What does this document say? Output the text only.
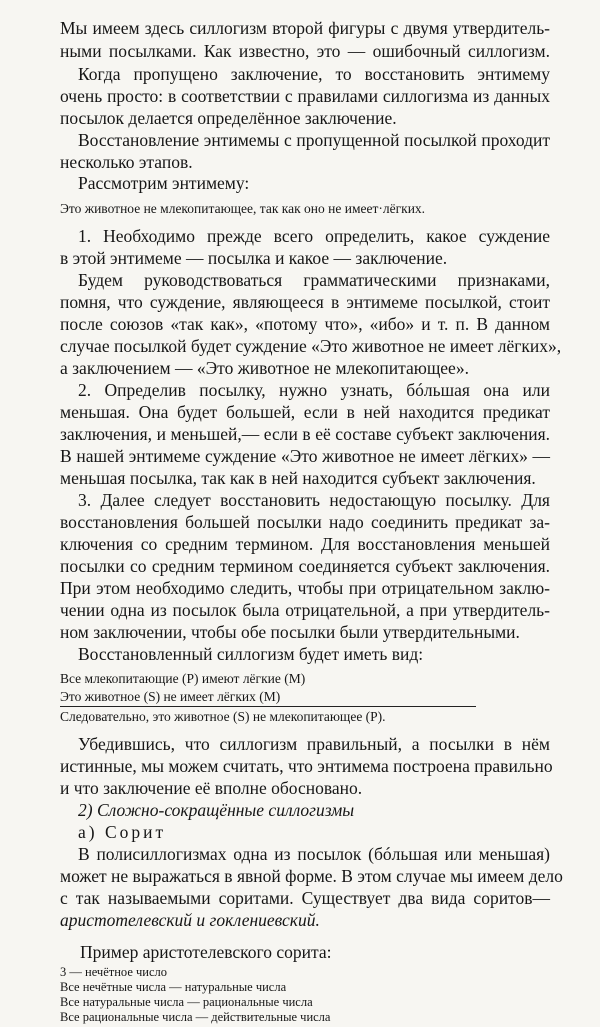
Мы имеем здесь силлогизм второй фигуры с двумя утвердитель-
ными посылками. Как известно, это — ошибочный силлогизм.
Когда пропущено заключение, то восстановить энтимему
очень просто: в соответствии с правилами силлогизма из данных
посылок делается определённое заключение.
Восстановление энтимемы с пропущенной посылкой проходит
несколько этапов.
Рассмотрим энтимему:
Это животное не млекопитающее, так как оно не имеет·лёгких.
1. Необходимо прежде всего определить, какое суждение
в этой энтимеме — посылка и какое — заключение.
Будем руководствоваться грамматическими признаками,
помня, что суждение, являющееся в энтимеме посылкой, стоит
после союзов «так как», «потому что», «ибо» и т. п. В данном
случае посылкой будет суждение «Это животное не имеет лёгких»,
а заключением — «Это животное не млекопитающее».
2. Определив посылку, нужно узнать, бóльшая она или
меньшая. Она будет большей, если в ней находится предикат
заключения, и меньшей,— если в её составе субъект заключения.
В нашей энтимеме суждение «Это животное не имеет лёгких» —
меньшая посылка, так как в ней находится субъект заключения.
3. Далее следует восстановить недостающую посылку. Для
восстановления большей посылки надо соединить предикат за-
ключения со средним термином. Для восстановления меньшей
посылки со средним термином соединяется субъект заключения.
При этом необходимо следить, чтобы при отрицательном заклю-
чении одна из посылок была отрицательной, а при утвердитель-
ном заключении, чтобы обе посылки были утвердительными.
Восстановленный силлогизм будет иметь вид:
Все млекопитающие (P) имеют лёгкие (M)
Это животное (S) не имеет лёгких (M)
Следовательно, это животное (S) не млекопитающее (P).
Убедившись, что силлогизм правильный, а посылки в нём
истинные, мы можем считать, что энтимема построена правильно
и что заключение её вполне обосновано.
2) Сложно-сокращённые силлогизмы
а) Сорит
В полисиллогизмах одна из посылок (бóльшая или меньшая)
может не выражаться в явной форме. В этом случае мы имеем дело
с так называемыми соритами. Существует два вида соритов—
аристотелевский и гоклениевский.
Пример аристотелевского сорита:
3 — нечётное число
Все нечётные числа — натуральные числа
Все натуральные числа — рациональные числа
Все рациональные числа — действительные числа
